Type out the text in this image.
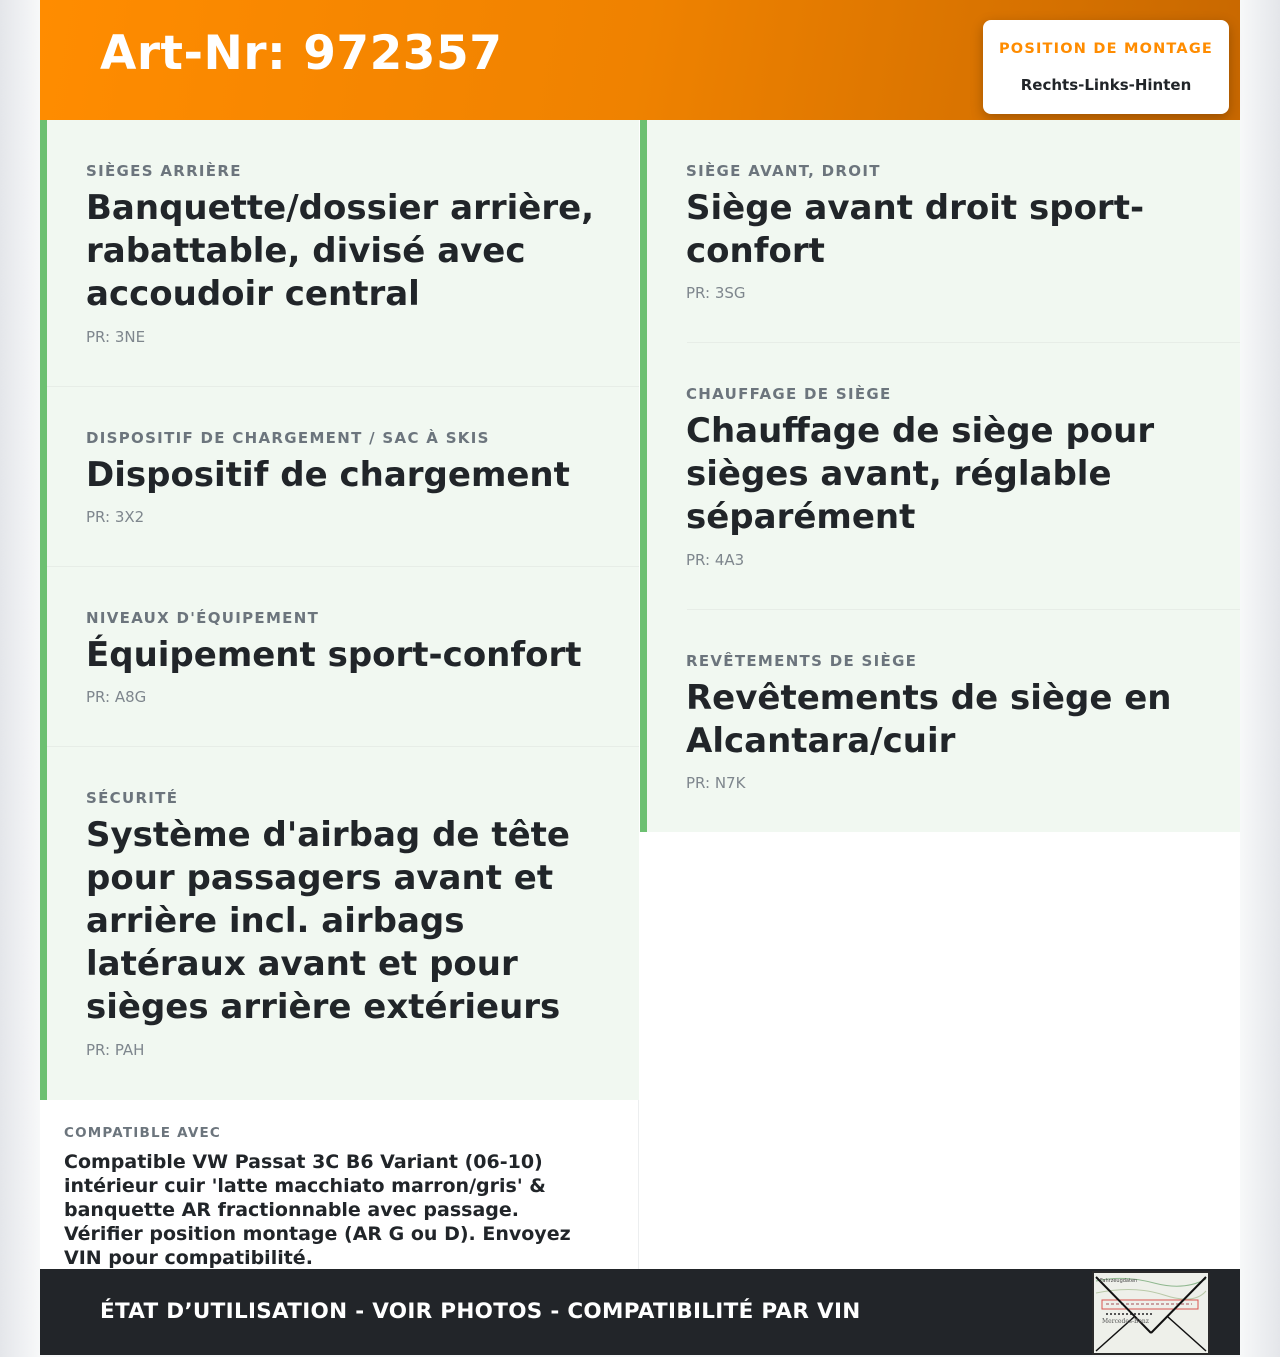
Art-Nr: 972357	POSITION DE MONTAGE
Rechts-Links-Hinten
SIÈGES ARRIÈRE
Banquette/dossier arrière, rabattable, divisé avec accoudoir central
PR: 3NE
DISPOSITIF DE CHARGEMENT / SAC À SKIS
Dispositif de chargement
PR: 3X2
NIVEAUX D'ÉQUIPEMENT
Équipement sport-confort
PR: A8G
SÉCURITÉ
Système d'airbag de tête pour passagers avant et arrière incl. airbags latéraux avant et pour sièges arrière extérieurs
PR: PAH
SIÈGE AVANT, DROIT
Siège avant droit sport-confort
PR: 3SG
CHAUFFAGE DE SIÈGE
Chauffage de siège pour sièges avant, réglable séparément
PR: 4A3
REVÊTEMENTS DE SIÈGE
Revêtements de siège en Alcantara/cuir
PR: N7K
COMPATIBLE AVEC
Compatible VW Passat 3C B6 Variant (06-10) intérieur cuir 'latte macchiato marron/gris' & banquette AR fractionnable avec passage. Vérifier position montage (AR G ou D). Envoyez VIN pour compatibilité.
ÉTAT D’UTILISATION - VOIR PHOTOS - COMPATIBILITÉ PAR VIN
Fahrzeugdaten
Mercedes-Benz
